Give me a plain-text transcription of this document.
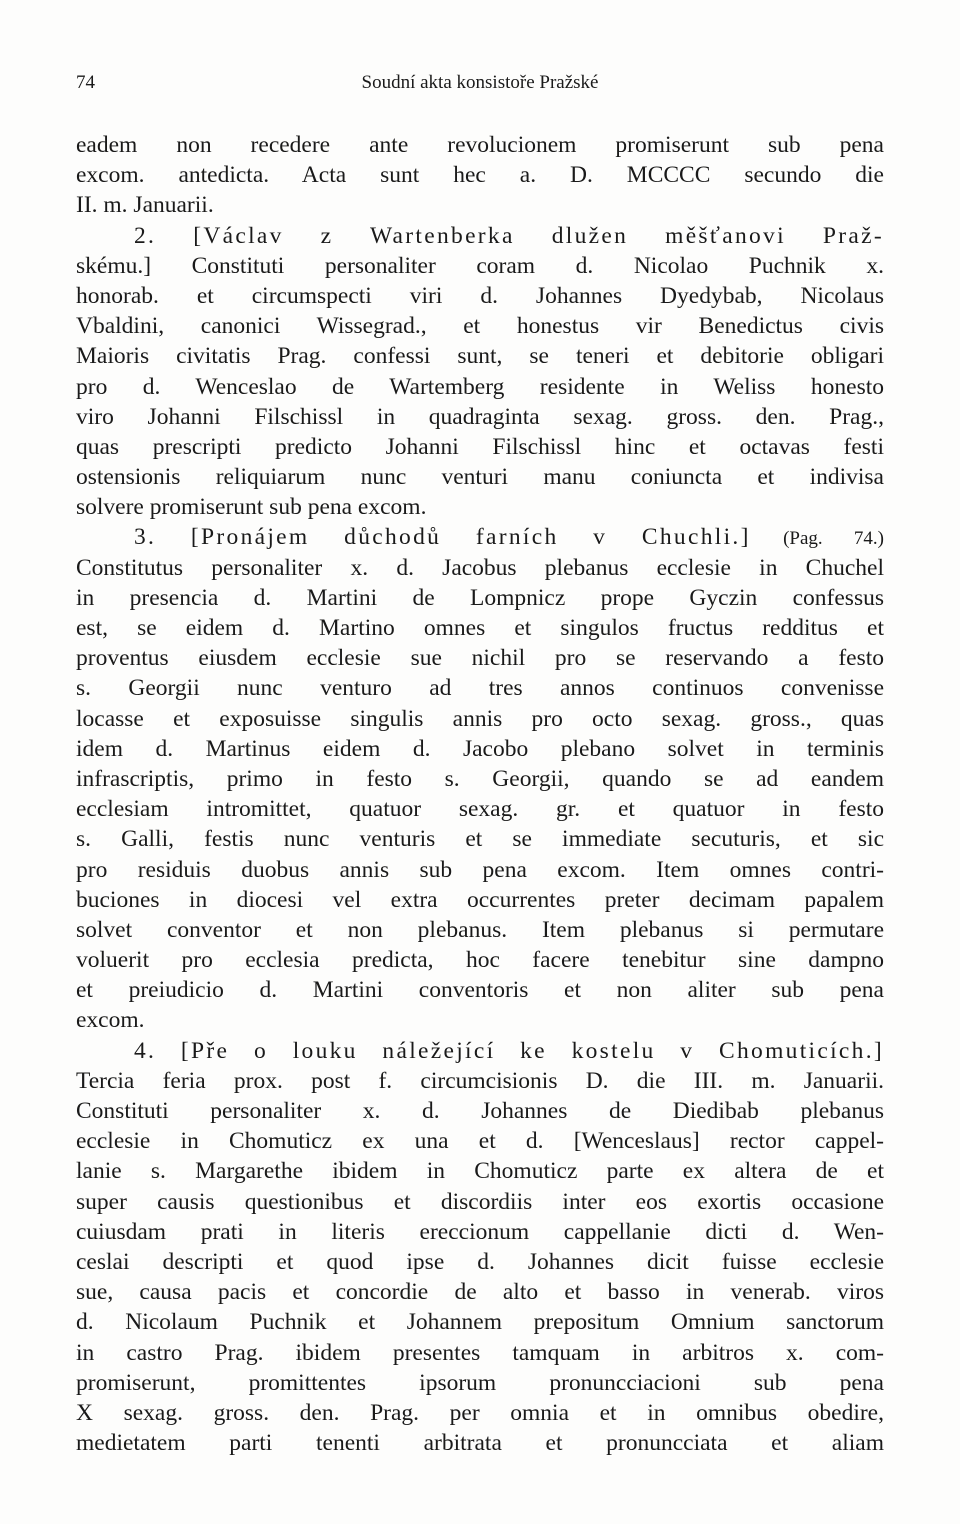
74	Soudní akta konsistoře Pražské
eadem non recedere ante revolucionem promiserunt sub pena
excom. antedicta. Acta sunt hec a. D. MCCCC secundo die
II. m. Januarii.
2. [Václav z Wartenberka dlužen měšťanovi Praž-
skému.] Constituti personaliter coram d. Nicolao Puchnik x.
honorab. et circumspecti viri d. Johannes Dyedybab, Nicolaus
Vbaldini, canonici Wissegrad., et honestus vir Benedictus civis
Maioris civitatis Prag. confessi sunt, se teneri et debitorie obligari
pro d. Wenceslao de Wartemberg residente in Weliss honesto
viro Johanni Filschissl in quadraginta sexag. gross. den. Prag.,
quas prescripti predicto Johanni Filschissl hinc et octavas festi
ostensionis reliquiarum nunc venturi manu coniuncta et indivisa
solvere promiserunt sub pena excom.
3. [Pronájem důchodů farních v Chuchli.] (Pag. 74.)
Constitutus personaliter x. d. Jacobus plebanus ecclesie in Chuchel
in presencia d. Martini de Lompnicz prope Gyczin confessus
est, se eidem d. Martino omnes et singulos fructus redditus et
proventus eiusdem ecclesie sue nichil pro se reservando a festo
s. Georgii nunc venturo ad tres annos continuos convenisse
locasse et exposuisse singulis annis pro octo sexag. gross., quas
idem d. Martinus eidem d. Jacobo plebano solvet in terminis
infrascriptis, primo in festo s. Georgii, quando se ad eandem
ecclesiam intromittet, quatuor sexag. gr. et quatuor in festo
s. Galli, festis nunc venturis et se immediate secuturis, et sic
pro residuis duobus annis sub pena excom. Item omnes contri-
buciones in diocesi vel extra occurrentes preter decimam papalem
solvet conventor et non plebanus. Item plebanus si permutare
voluerit pro ecclesia predicta, hoc facere tenebitur sine dampno
et preiudicio d. Martini conventoris et non aliter sub pena
excom.
4. [Pře o louku náležející ke kostelu v Chomuticích.]
Tercia feria prox. post f. circumcisionis D. die III. m. Januarii.
Constituti personaliter x. d. Johannes de Diedibab plebanus
ecclesie in Chomuticz ex una et d. [Wenceslaus] rector cappel-
lanie s. Margarethe ibidem in Chomuticz parte ex altera de et
super causis questionibus et discordiis inter eos exortis occasione
cuiusdam prati in literis ereccionum cappellanie dicti d. Wen-
ceslai descripti et quod ipse d. Johannes dicit fuisse ecclesie
sue, causa pacis et concordie de alto et basso in venerab. viros
d. Nicolaum Puchnik et Johannem prepositum Omnium sanctorum
in castro Prag. ibidem presentes tamquam in arbitros x. com-
promiserunt, promittentes ipsorum pronuncciacioni sub pena
X sexag. gross. den. Prag. per omnia et in omnibus obedire,
medietatem parti tenenti arbitrata et pronuncciata et aliam
